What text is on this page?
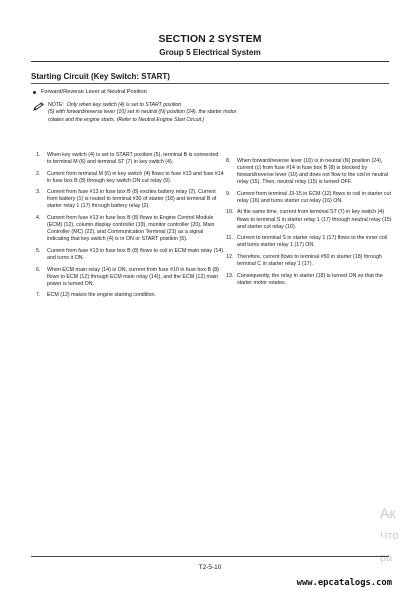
SECTION 2 SYSTEM
Group 5 Electrical System
Starting Circuit (Key Switch: START)
Forward/Reverse Lever at Neutral Position
NOTE: Only when key switch (4) is set to START position
(5) with forward/reverse lever (10) set in neutral (N) position (24), the starter motor rotates and the engine starts. (Refer to Neutral Engine Start Circuit.)
1.	When key switch (4) is set to START position (5), terminal B is connected to terminal M (6) and terminal ST (7) in key switch (4).
2.	Current from terminal M (6) in key switch (4) flows to fuse #13 and fuse #14 in fuse box B (8) through key switch ON cut relay (9).
3.	Current from fuse #13 in fuse box B (8) excites battery relay (2). Current from battery (1) is routed to terminal #30 of starter (18) and terminal B of starter relay 1 (17) through battery relay (2).
4.	Current from fuse #13 in fuse box B (8) flows to Engine Control Module (ECM) (12), column display controller (19), monitor controller (20), Main Controller (MC) (22), and Communication Terminal (21) as a signal indicating that key switch (4) is in ON or START position (5).
5.	Current from fuse #13 in fuse box B (8) flows to coil in ECM main relay (14) and turns it ON.
6.	When ECM main relay (14) is ON, current from fuse #10 in fuse box B (8) flows to ECM (12) through ECM main relay (14)), and the ECM (12) main power is turned ON.
7.	ECM (12) makes the engine starting condition.
8.	When forward/reverse lever (10) is in neutral (N) position (24), current (c) from fuse #14 in fuse box B (8) is blocked by forward/reverse lever (10) and does not flow to the coil in neutral relay (15). Then, neutral relay (15) is turned OFF.
9.	Current from terminal J3-15 in ECM (12) flows to coil in starter cut relay (16) and turns starter cut relay (16) ON.
10. At the same time, current from terminal ST (7) in key switch (4) flows to terminal S in starter relay 1 (17) through neutral relay (15) and starter cut relay (16).
11. Current to terminal S in starter relay 1 (17) flows to the inner coil and turns starter relay 1 (17) ON.
12. Therefore, current flows to terminal #50 in starter (18) through terminal C in starter relay 1 (17).
13. Consequently, the relay in starter (18) is turned ON so that the starter motor rotates.
Ак
Что
ра
T2-5-10
www.epcatalogs.com
